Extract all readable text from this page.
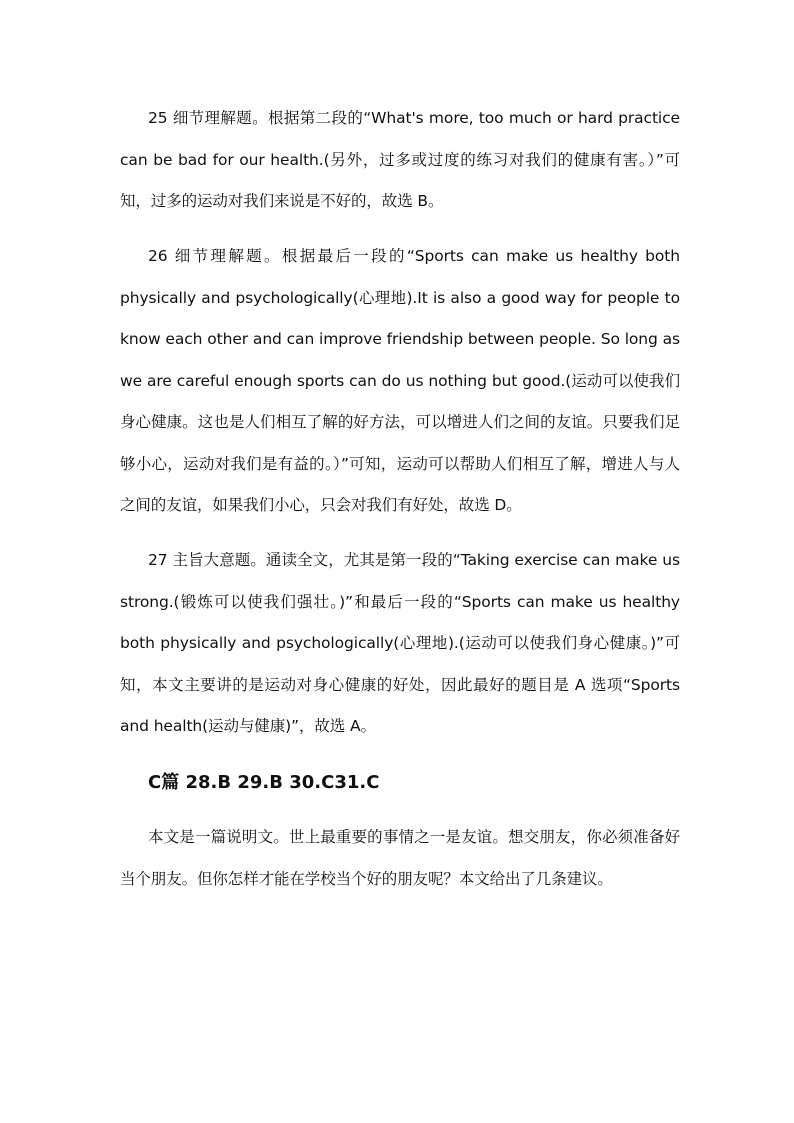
25 细节理解题。根据第二段的“What's more, too much or hard practice can be bad for our health.(另外，过多或过度的练习对我们的健康有害。）”可知，过多的运动对我们来说是不好的，故选 B。

26 细节理解题。根据最后一段的“Sports can make us healthy both physically and psychologically(心理地).It is also a good way for people to know each other and can improve friendship between people. So long as we are careful enough sports can do us nothing but good.(运动可以使我们身心健康。这也是人们相互了解的好方法，可以增进人们之间的友谊。只要我们足够小心，运动对我们是有益的。）”可知，运动可以帮助人们相互了解，增进人与人之间的友谊，如果我们小心，只会对我们有好处，故选 D。

27 主旨大意题。通读全文，尤其是第一段的“Taking exercise can make us strong.(锻炼可以使我们强壮。)”和最后一段的“Sports can make us healthy both physically and psychologically(心理地).(运动可以使我们身心健康。)”可知，本文主要讲的是运动对身心健康的好处，因此最好的题目是 A 选项“Sports and health(运动与健康)”，故选 A。

C篇 28.B 29.B 30.C31.C

本文是一篇说明文。世上最重要的事情之一是友谊。想交朋友，你必须准备好当个朋友。但你怎样才能在学校当个好的朋友呢？本文给出了几条建议。
